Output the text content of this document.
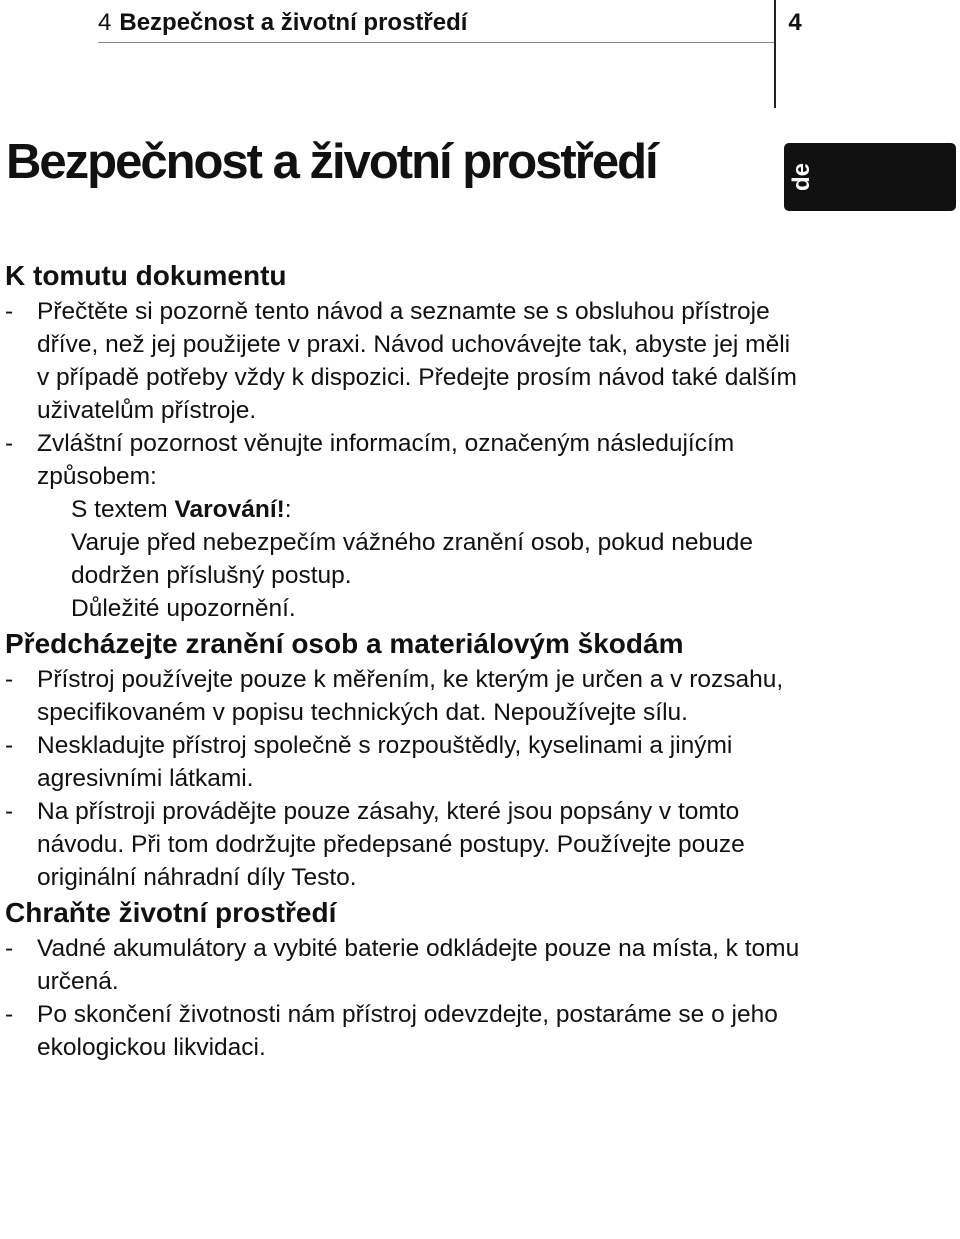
4 Bezpečnost a životní prostředí	4
de
Bezpečnost a životní prostředí
K tomutu dokumentu

- Přečtěte si pozorně tento návod a seznamte se s obsluhou přístroje dříve, než jej použijete v praxi. Návod uchovávejte tak, abyste jej měli v případě potřeby vždy k dispozici. Předejte prosím návod také dalším uživatelům přístroje.

- Zvláštní pozornost věnujte informacím, označeným následujícím způsobem:

S textem Varování!:

Varuje před nebezpečím vážného zranění osob, pokud nebude dodržen příslušný postup.

Důležité upozornění.

Předcházejte zranění osob a materiálovým škodám

- Přístroj používejte pouze k měřením, ke kterým je určen a v rozsahu, specifikovaném v popisu technických dat. Nepoužívejte sílu.

- Neskladujte přístroj společně s rozpouštědly, kyselinami a jinými agresivními látkami.

- Na přístroji provádějte pouze zásahy, které jsou popsány v tomto návodu. Při tom dodržujte předepsané postupy. Používejte pouze originální náhradní díly Testo.

Chraňte životní prostředí

- Vadné akumulátory a vybité baterie odkládejte pouze na místa, k tomu určená.

- Po skončení životnosti nám přístroj odevzdejte, postaráme se o jeho ekologickou likvidaci.
